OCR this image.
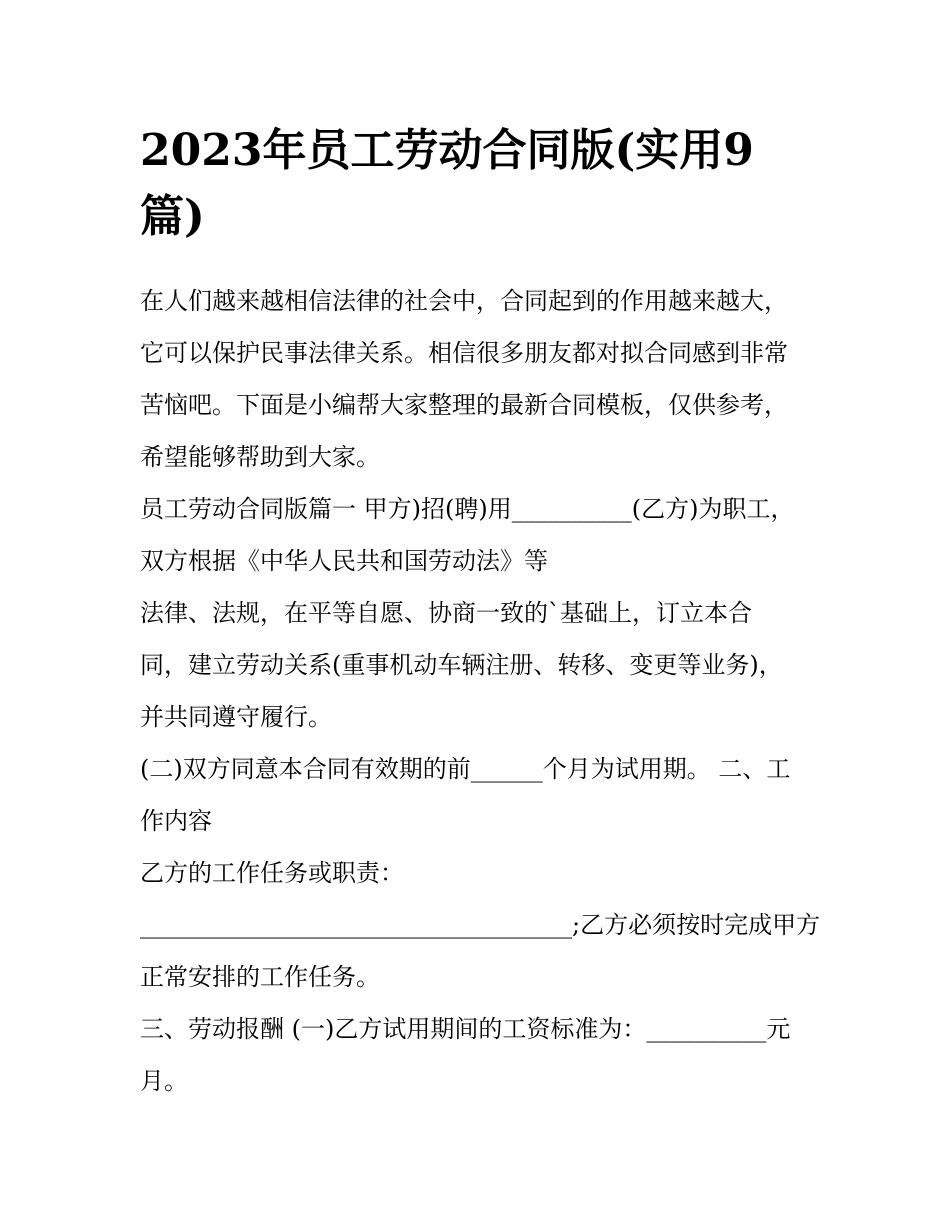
2023年员工劳动合同版(实用9
篇)
在人们越来越相信法律的社会中，合同起到的作用越来越大，
它可以保护民事法律关系。相信很多朋友都对拟合同感到非常
苦恼吧。下面是小编帮大家整理的最新合同模板，仅供参考，
希望能够帮助到大家。
员工劳动合同版篇一 甲方)招(聘)用__________(乙方)为职工，
双方根据《中华人民共和国劳动法》等
法律、法规，在平等自愿、协商一致的`基础上，订立本合
同，建立劳动关系(重事机动车辆注册、转移、变更等业务)，
并共同遵守履行。
(二)双方同意本合同有效期的前______个月为试用期。 二、工
作内容
乙方的工作任务或职责：
____________________________________;乙方必须按时完成甲方
正常安排的工作任务。
三、劳动报酬 (一)乙方试用期间的工资标准为：__________元
月。
